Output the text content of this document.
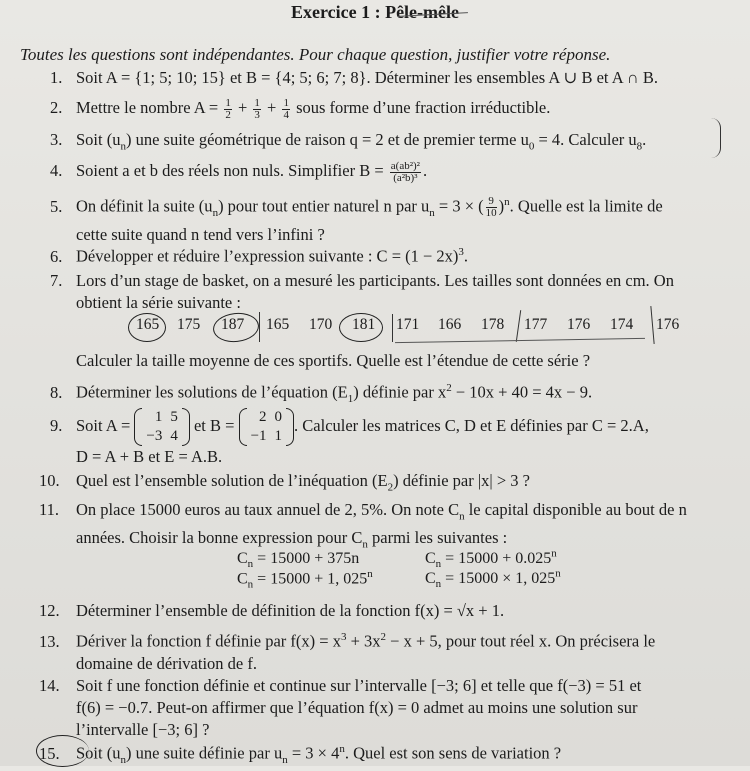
Exercice 1 : Pêle-mêle
Toutes les questions sont indépendantes. Pour chaque question, justifier votre réponse.
1. Soit A = {1; 5; 10; 15} et B = {4; 5; 6; 7; 8}. Déterminer les ensembles A ∪ B et A ∩ B.
2. Mettre le nombre $A = \frac{1}{2} + \frac{1}{3} + \frac{1}{4}$ sous forme d’une fraction irréductible.
3. Soit $(u_n)$ une suite géométrique de raison q = 2 et de premier terme $u_0 = 4$. Calculer $u_8$.
4. Soient a et b des réels non nuls. Simplifier $B = \frac{\text{a(ab²)²}}{\text{(a²b)³}}$ .
5. On définit la suite $(u_n)$ pour tout entier naturel n par $u_n = 3$ × ( $\frac{9}{10} )^n$. Quelle est la limite de
cette suite quand n tend vers l’infini ?
6. Développer et réduire l’expression suivante : $C = (1 - 2x)^3$.
7. Lors d’un stage de basket, on a mesuré les participants. Les tailles sont données en cm. On
obtient la série suivante :
165 175 187 165 170 181 171 166 178 177 176 174 176
Calculer la taille moyenne de ces sportifs. Quelle est l’étendue de cette série ?
8. Déterminer les solutions de l’équation $(E_1)$ définie par $x^2 - 10x + 40 = 4x - 9$.
9. Soit A = 1	5
−3	4
et B = 2	0
−1	1
. Calculer les matrices C, D et E définies par C = 2.A,
D = A + B et E = A.B.
10. Quel est l’ensemble solution de l’inéquation $(E_2)$ définie par |x| > 3 ?
11. On place 15000 euros au taux annuel de 2, 5%. On note $C_n$ le capital disponible au bout de n
années. Choisir la bonne expression pour $C_n$ parmi les suivantes :
$C_n = 15000 + 375n$	$C_n = 15000 + 0.025^n$
$C_n = 15000 + 1$, 025$^n$	$C_n = 15000 \times 1$, 025$^n$
12. Déterminer l’ensemble de définition de la fonction f(x) = √x + 1.
13. Dériver la fonction f définie par $f(x) = x^3 + 3x^2 - x + 5$, pour tout réel x. On précisera le
domaine de dérivation de f.
14. Soit f une fonction définie et continue sur l’intervalle [−3; 6] et telle que f(−3) = 51 et
f(6) = −0.7. Peut-on affirmer que l’équation f(x) = 0 admet au moins une solution sur
l’intervalle [−3; 6] ?
15. Soit $(u_n)$ une suite définie par $u_n = 3 \times 4^n$. Quel est son sens de variation ?
